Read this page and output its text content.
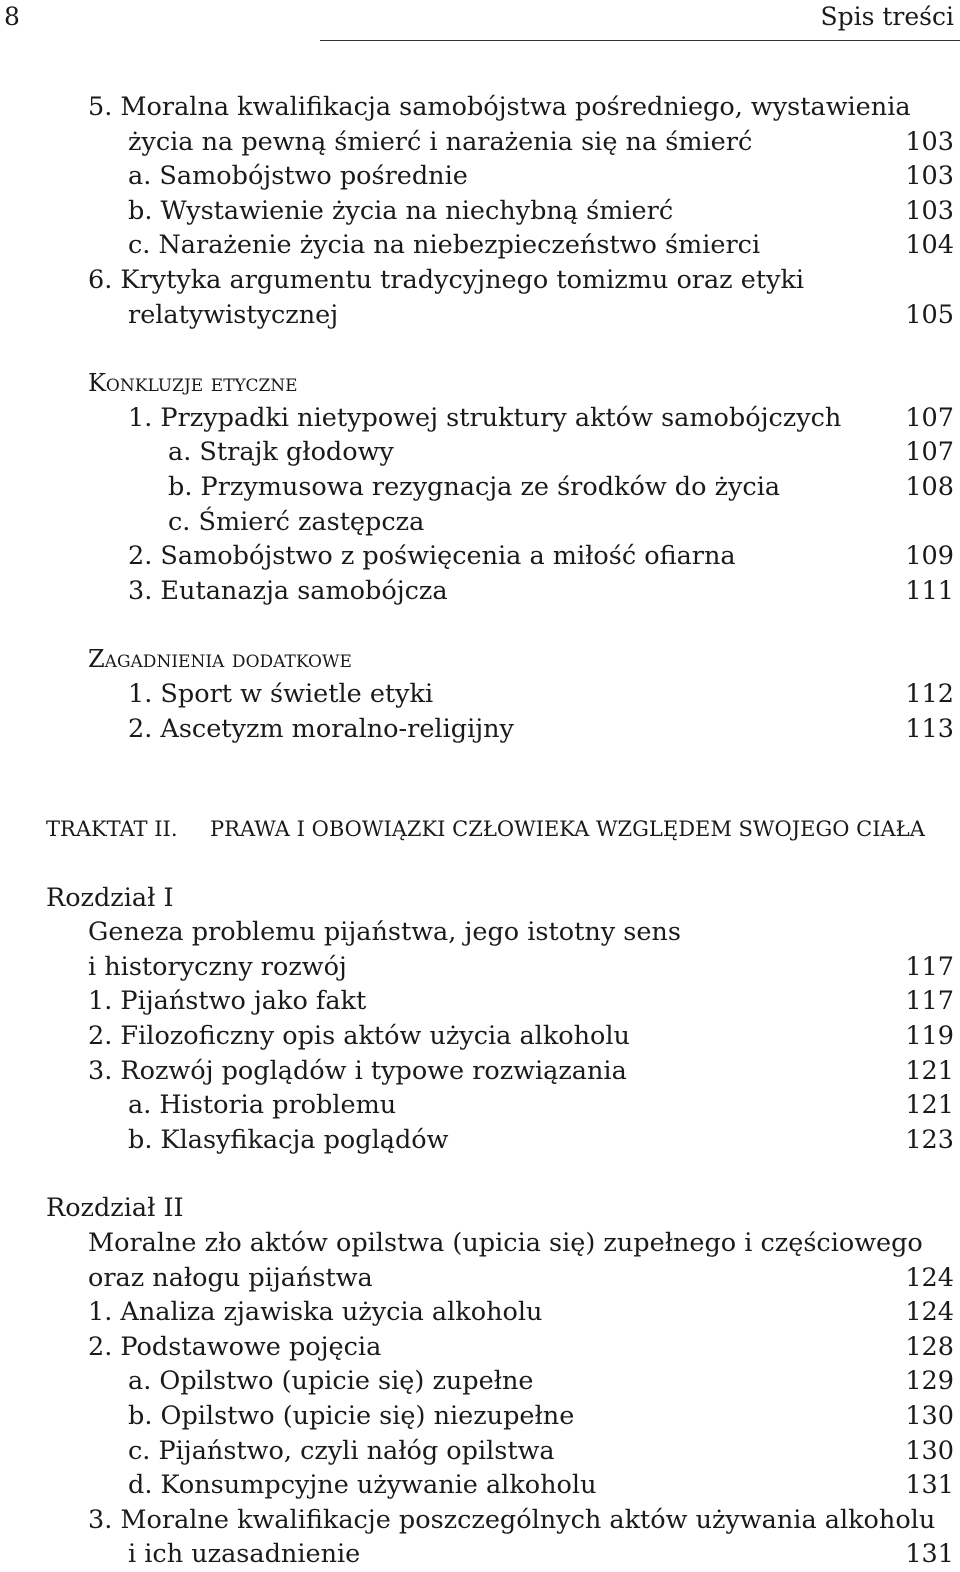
8	Spis treści
5. Moralna kwalifikacja samobójstwa pośredniego, wystawienia
życia na pewną śmierć i narażenia się na śmierć	103
a. Samobójstwo pośrednie	103
b. Wystawienie życia na niechybną śmierć	103
c. Narażenie życia na niebezpieczeństwo śmierci	104
6. Krytyka argumentu tradycyjnego tomizmu oraz etyki
relatywistycznej	105
Konkluzje etyczne
1. Przypadki nietypowej struktury aktów samobójczych	107
a. Strajk głodowy	107
b. Przymusowa rezygnacja ze środków do życia	108
c. Śmierć zastępcza
2. Samobójstwo z poświęcenia a miłość ofiarna	109
3. Eutanazja samobójcza	111
Zagadnienia dodatkowe
1. Sport w świetle etyki	112
2. Ascetyzm moralno-religijny	113
TRAKTAT II. PRAWA I OBOWIĄZKI CZŁOWIEKA WZGLĘDEM SWOJEGO CIAŁA
Rozdział I
Geneza problemu pijaństwa, jego istotny sens
i historyczny rozwój	117
1. Pijaństwo jako fakt	117
2. Filozoficzny opis aktów użycia alkoholu	119
3. Rozwój poglądów i typowe rozwiązania	121
a. Historia problemu	121
b. Klasyfikacja poglądów	123
Rozdział II
Moralne zło aktów opilstwa (upicia się) zupełnego i częściowego
oraz nałogu pijaństwa	124
1. Analiza zjawiska użycia alkoholu	124
2. Podstawowe pojęcia	128
a. Opilstwo (upicie się) zupełne	129
b. Opilstwo (upicie się) niezupełne	130
c. Pijaństwo, czyli nałóg opilstwa	130
d. Konsumpcyjne używanie alkoholu	131
3. Moralne kwalifikacje poszczególnych aktów używania alkoholu
i ich uzasadnienie	131
